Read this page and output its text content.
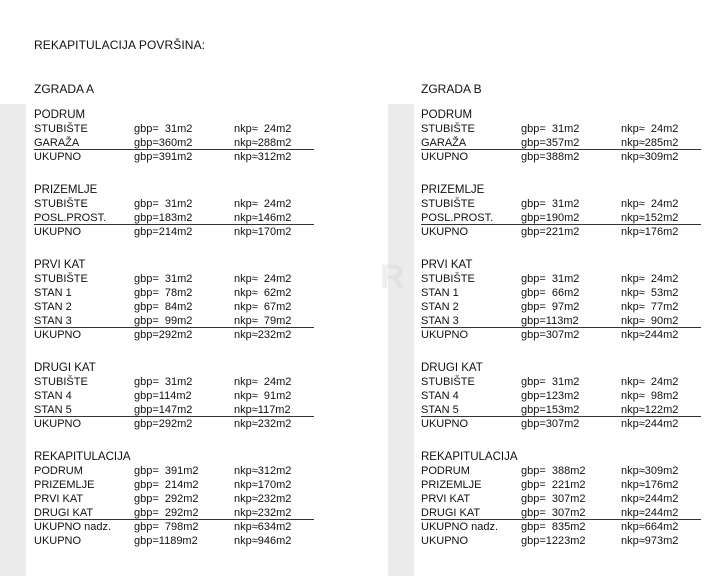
REKAPITULACIJA POVRŠINA:
R
ZGRADA A
PODRUM
STUBIŠTE	gbp=  31m2	nkp≈  24m2
GARAŽA	gbp=360m2	nkp≈288m2
UKUPNO	gbp=391m2	nkp≈312m2
PRIZEMLJE
STUBIŠTE	gbp=  31m2	nkp≈  24m2
POSL.PROST.	gbp=183m2	nkp≈146m2
UKUPNO	gbp=214m2	nkp≈170m2
PRVI KAT
STUBIŠTE	gbp=  31m2	nkp≈  24m2
STAN 1	gbp=  78m2	nkp≈  62m2
STAN 2	gbp=  84m2	nkp≈  67m2
STAN 3	gbp=  99m2	nkp≈  79m2
UKUPNO	gbp=292m2	nkp≈232m2
DRUGI KAT
STUBIŠTE	gbp=  31m2	nkp≈  24m2
STAN 4	gbp=114m2	nkp≈  91m2
STAN 5	gbp=147m2	nkp≈117m2
UKUPNO	gbp=292m2	nkp≈232m2
REKAPITULACIJA
PODRUM	gbp=  391m2	nkp≈312m2
PRIZEMLJE	gbp=  214m2	nkp≈170m2
PRVI KAT	gbp=  292m2	nkp≈232m2
DRUGI KAT	gbp=  292m2	nkp≈232m2
UKUPNO nadz. gbp=  798m2	nkp≈634m2
UKUPNO	gbp=1189m2	nkp≈946m2
ZGRADA B
PODRUM
STUBIŠTE	gbp=  31m2	nkp≈  24m2
GARAŽA	gbp=357m2	nkp≈285m2
UKUPNO	gbp=388m2	nkp≈309m2
PRIZEMLJE
STUBIŠTE	gbp=  31m2	nkp≈  24m2
POSL.PROST.	gbp=190m2	nkp≈152m2
UKUPNO	gbp=221m2	nkp≈176m2
PRVI KAT
STUBIŠTE	gbp=  31m2	nkp≈  24m2
STAN 1	gbp=  66m2	nkp≈  53m2
STAN 2	gbp=  97m2	nkp≈  77m2
STAN 3	gbp=113m2	nkp≈  90m2
UKUPNO	gbp=307m2	nkp≈244m2
DRUGI KAT
STUBIŠTE	gbp=  31m2	nkp≈  24m2
STAN 4	gbp=123m2	nkp≈  98m2
STAN 5	gbp=153m2	nkp≈122m2
UKUPNO	gbp=307m2	nkp≈244m2
REKAPITULACIJA
PODRUM	gbp=  388m2	nkp≈309m2
PRIZEMLJE	gbp=  221m2	nkp≈176m2
PRVI KAT	gbp=  307m2	nkp≈244m2
DRUGI KAT	gbp=  307m2	nkp≈244m2
UKUPNO nadz. gbp=  835m2	nkp≈664m2
UKUPNO	gbp=1223m2	nkp≈973m2
